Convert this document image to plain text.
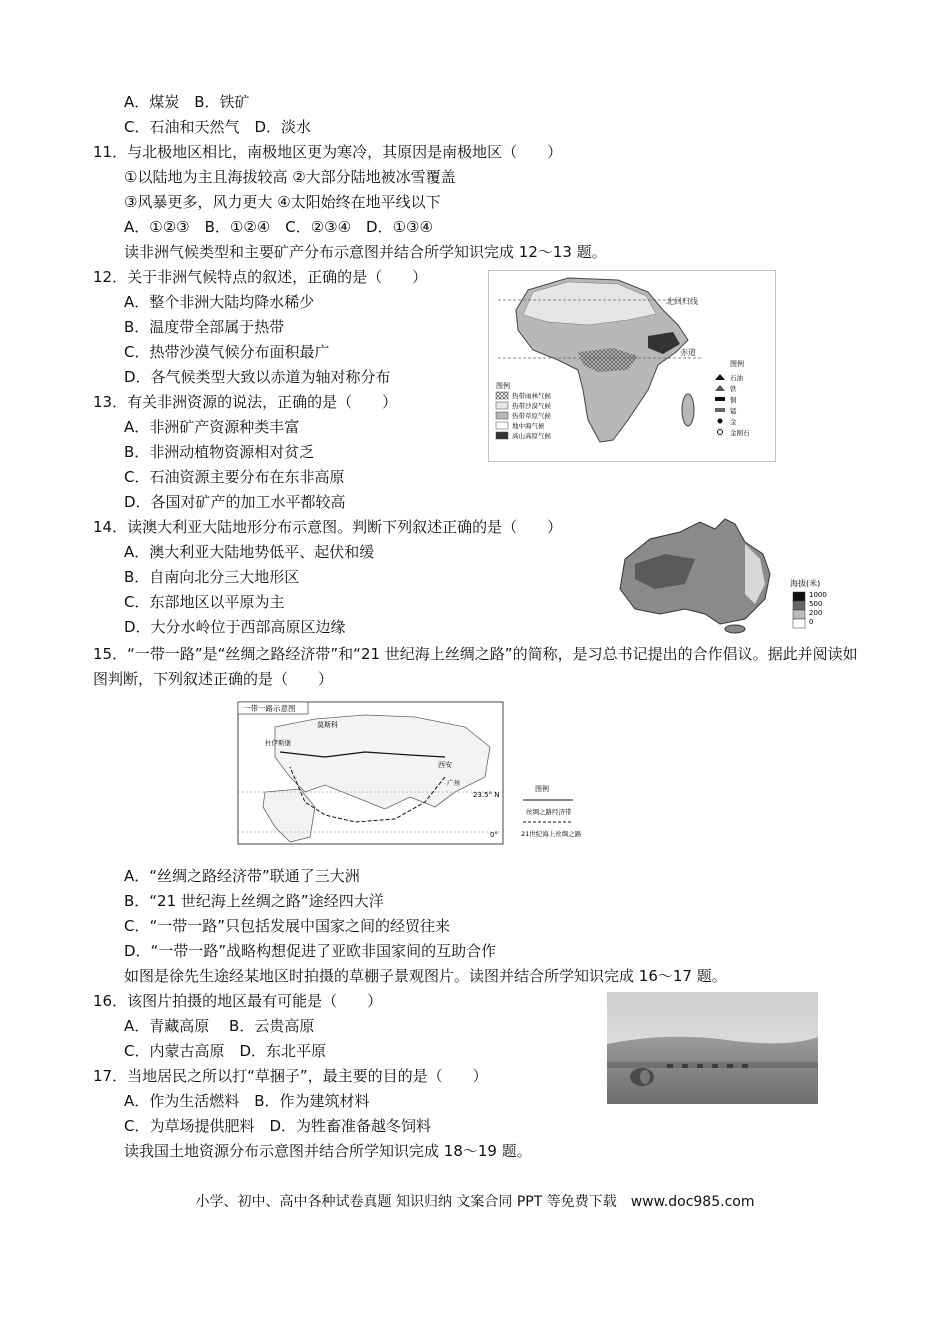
A．煤炭　B．铁矿
C．石油和天然气　D．淡水
11．与北极地区相比，南极地区更为寒冷，其原因是南极地区（　　）
①以陆地为主且海拔较高 ②大部分陆地被冰雪覆盖
③风暴更多，风力更大 ④太阳始终在地平线以下
A．①②③　B．①②④　C．②③④　D．①③④
读非洲气候类型和主要矿产分布示意图并结合所学知识完成 12～13 题。
12．关于非洲气候特点的叙述，正确的是（　　）
A．整个非洲大陆均降水稀少
B．温度带全部属于热带
C．热带沙漠气候分布面积最广
D．各气候类型大致以赤道为轴对称分布
13．有关非洲资源的说法，正确的是（　　）
A．非洲矿产资源种类丰富
B．非洲动植物资源相对贫乏
C．石油资源主要分布在东非高原
D．各国对矿产的加工水平都较高
14．读澳大利亚大陆地形分布示意图。判断下列叙述正确的是（　　）
A．澳大利亚大陆地势低平、起伏和缓
B．自南向北分三大地形区
C．东部地区以平原为主
D．大分水岭位于西部高原区边缘
15．“一带一路”是“丝绸之路经济带”和“21 世纪海上丝绸之路”的简称，是习总书记提出的合作倡议。据此并阅读如图判断，下列叙述正确的是（　　）
A．“丝绸之路经济带”联通了三大洲
B．“21 世纪海上丝绸之路”途经四大洋
C．“一带一路”只包括发展中国家之间的经贸往来
D．“一带一路”战略构想促进了亚欧非国家间的互助合作
如图是徐先生途经某地区时拍摄的草棚子景观图片。读图并结合所学知识完成 16～17 题。
16．该图片拍摄的地区最有可能是（　　）
A．青藏高原　 B．云贵高原
C．内蒙古高原　D．东北平原
17．当地居民之所以打“草捆子”，最主要的目的是（　　）
A．作为生活燃料　B．作为建筑材料
C．为草场提供肥料　D．为牲畜准备越冬饲料
读我国土地资源分布示意图并结合所学知识完成 18～19 题。
北回归线
赤道
图例
热带雨林气候
热带沙漠气候
热带草原气候
地中海气候
高山高原气候
图例
石油
铁
铜
锰
金
金刚石
海拔(米)
1000
500
200
0
一带一路示意图
莫斯科
西安
23.5° N
0°
杜伊斯堡
广州
图例
丝绸之路经济带
21世纪海上丝绸之路
小学、初中、高中各种试卷真题 知识归纳 文案合同 PPT 等免费下载　www.doc985.com
